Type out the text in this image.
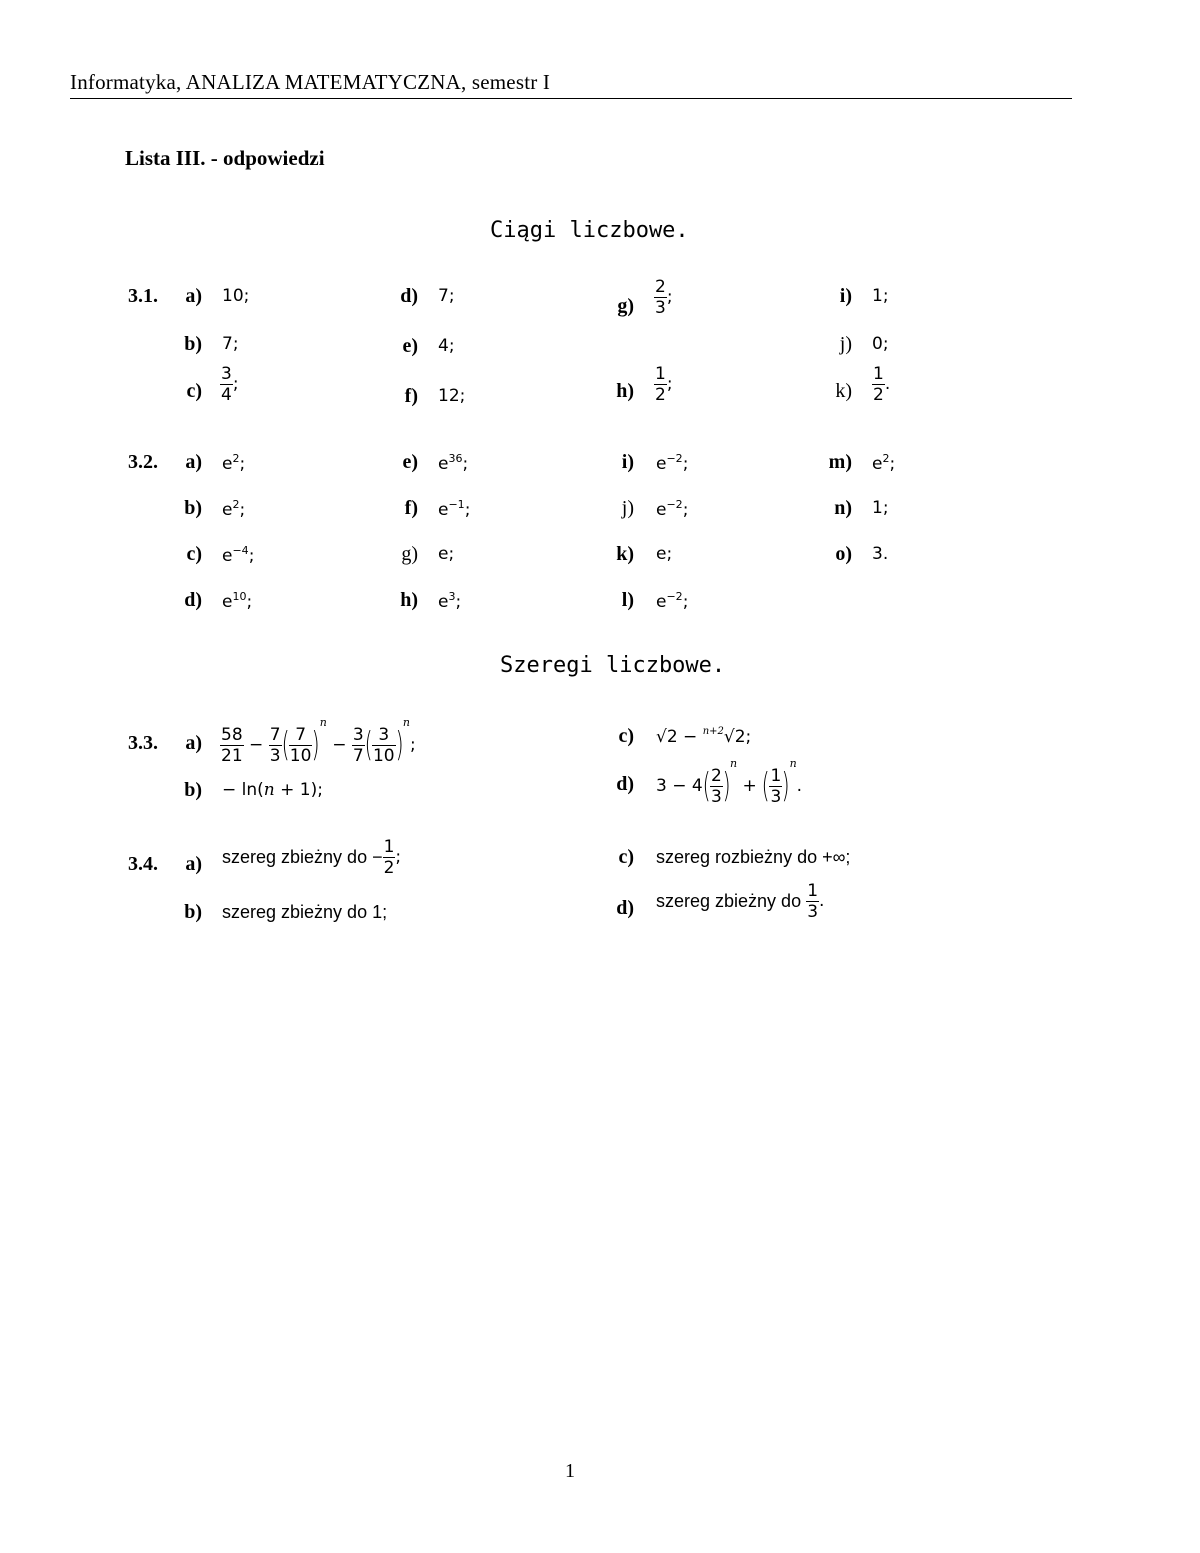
Informatyka, ANALIZA MATEMATYCZNA, semestr I
Lista III. - odpowiedzi
Ciągi liczbowe.
3.1.	a) 10;
b) 7;
$c) \frac{3}{4}$ ;
d) 7;
e) 4;
f) 12;
$g) \frac{2}{3}$ ;
$h) \frac{1}{2}$ ;
i) 1;
j) 0;
$k) \frac{1}{2}$ .
3.2.	a) $e^2$;
b) $e^2$;
c) $e^{-4}$;
d) $e^{10}$;
e) $e^{36}$;
f) $e^{-1}$;
g) e;
h) $e^3$;
i) $e^{-2}$;
j) $e^{-2}$;
k) e;
l) $e^{-2}$;
m) $e^2$;
n) 1;
o) 3.
Szeregi liczbowe.
3.3.	$a) \frac{58}{21} - \frac{7}{3}$ ( $\frac{7}{10} )^n - \frac{3}{7}$ ( $\frac{3}{10} )^n$;
b) − ln(n + 1);
c) √2 − $^{n+2}$√2;
d) $3 - 4( \frac{2}{3} )^n$ + ( $\frac{1}{3} )^n$.
3.4.	a) szereg zbieżny do − $\frac{1}{2}$ ;
b) szereg zbieżny do 1;
c) szereg rozbieżny do +∞;
d) szereg zbieżny do $\frac{1}{3}$ .
1
